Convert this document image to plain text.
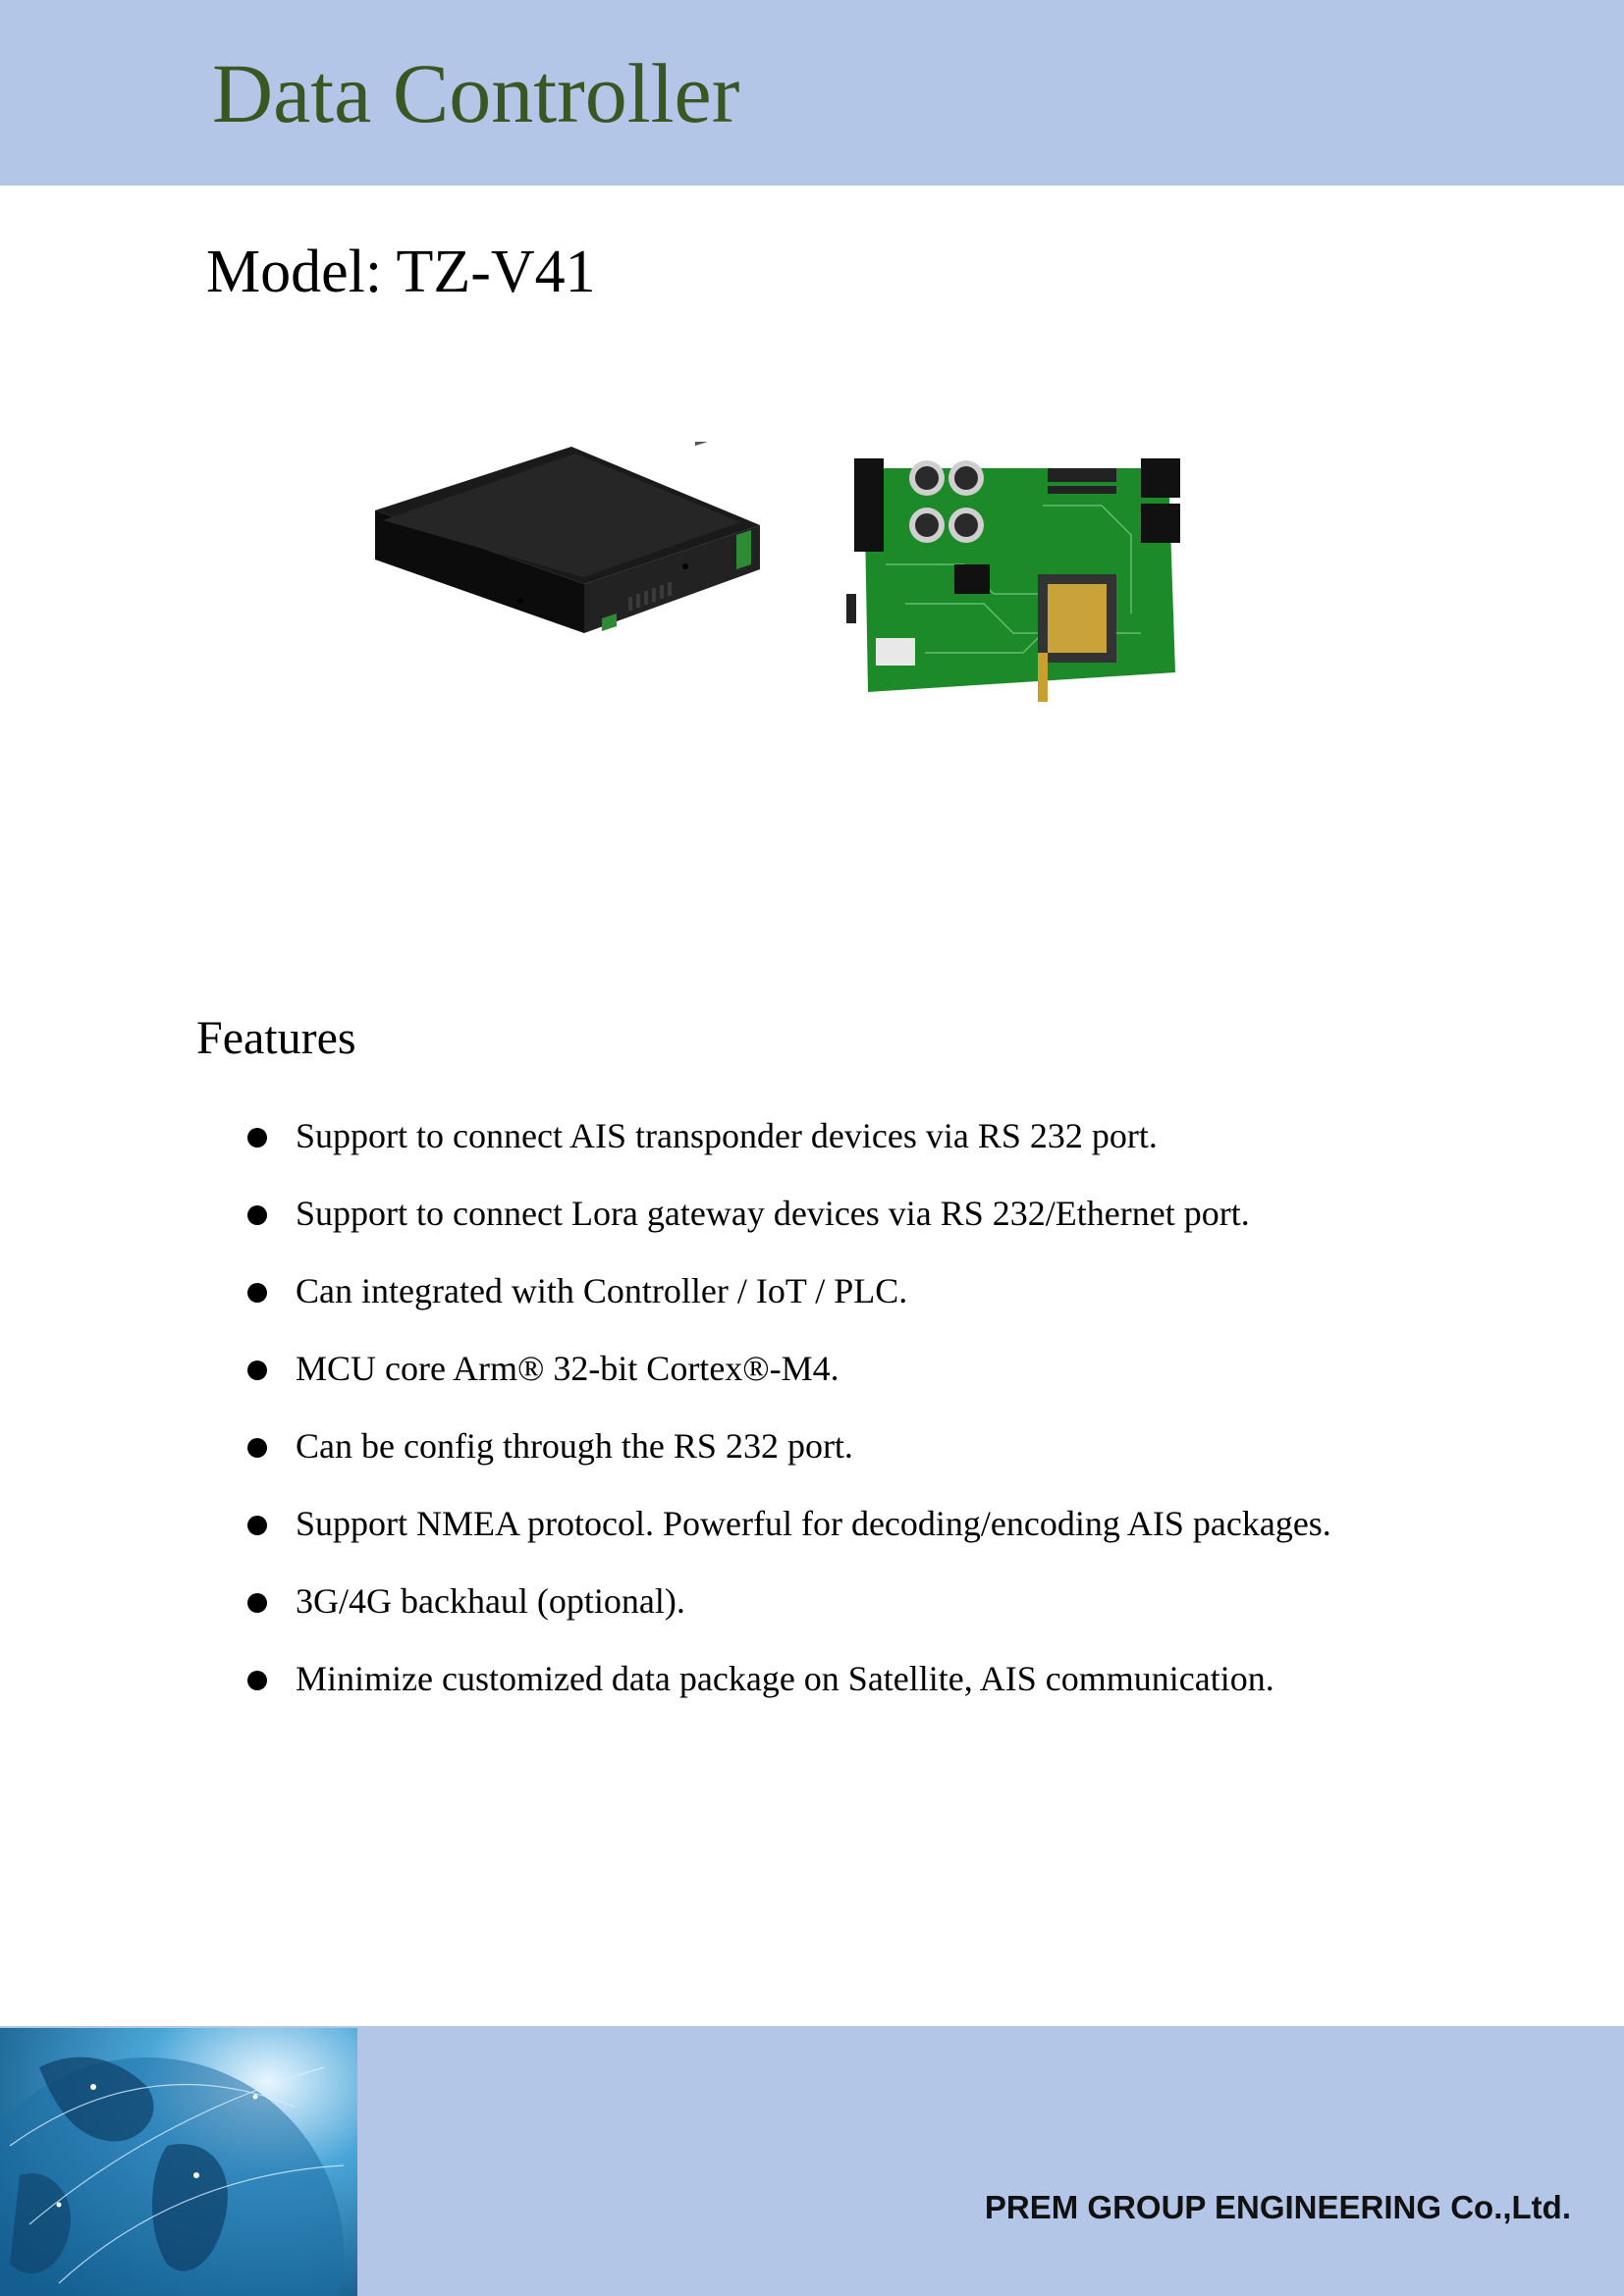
Data Controller
Model: TZ-V41
Features
Support to connect AIS transponder devices via RS 232 port.
Support to connect Lora gateway devices via RS 232/Ethernet port.
Can integrated with Controller / IoT / PLC.
MCU core Arm® 32-bit Cortex®-M4.
Can be config through the RS 232 port.
Support NMEA protocol. Powerful for decoding/encoding AIS packages.
3G/4G backhaul (optional).
Minimize customized data package on Satellite, AIS communication.
PREM GROUP ENGINEERING Co.,Ltd.
